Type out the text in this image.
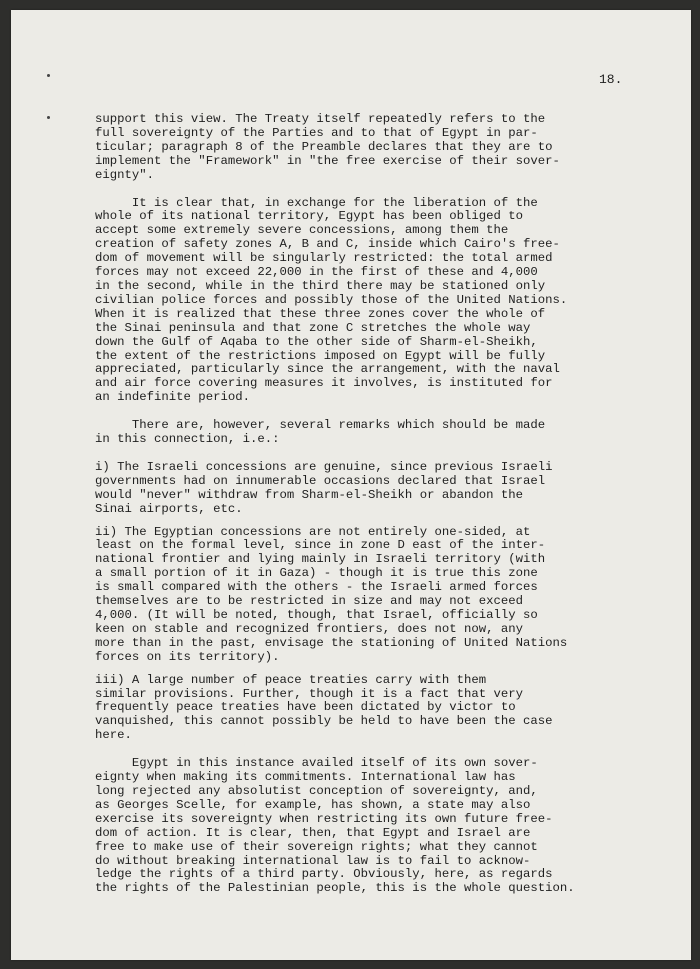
18.

support this view. The Treaty itself repeatedly refers to the

full sovereignty of the Parties and to that of Egypt in par-

ticular; paragraph 8 of the Preamble declares that they are to

implement the "Framework" in "the free exercise of their sover-

eignty".

It is clear that, in exchange for the liberation of the

whole of its national territory, Egypt has been obliged to

accept some extremely severe concessions, among them the

creation of safety zones A, B and C, inside which Cairo's free-

dom of movement will be singularly restricted: the total armed

forces may not exceed 22,000 in the first of these and 4,000

in the second, while in the third there may be stationed only

civilian police forces and possibly those of the United Nations.

When it is realized that these three zones cover the whole of

the Sinai peninsula and that zone C stretches the whole way

down the Gulf of Aqaba to the other side of Sharm-el-Sheikh,

the extent of the restrictions imposed on Egypt will be fully

appreciated, particularly since the arrangement, with the naval

and air force covering measures it involves, is instituted for

an indefinite period.

There are, however, several remarks which should be made

in this connection, i.e.:

i) The Israeli concessions are genuine, since previous Israeli

governments had on innumerable occasions declared that Israel

would "never" withdraw from Sharm-el-Sheikh or abandon the

Sinai airports, etc.

ii) The Egyptian concessions are not entirely one-sided, at

least on the formal level, since in zone D east of the inter-

national frontier and lying mainly in Israeli territory (with

a small portion of it in Gaza) - though it is true this zone

is small compared with the others - the Israeli armed forces

themselves are to be restricted in size and may not exceed

4,000. (It will be noted, though, that Israel, officially so

keen on stable and recognized frontiers, does not now, any

more than in the past, envisage the stationing of United Nations

forces on its territory).

iii) A large number of peace treaties carry with them

similar provisions. Further, though it is a fact that very

frequently peace treaties have been dictated by victor to

vanquished, this cannot possibly be held to have been the case

here.

Egypt in this instance availed itself of its own sover-

eignty when making its commitments. International law has

long rejected any absolutist conception of sovereignty, and,

as Georges Scelle, for example, has shown, a state may also

exercise its sovereignty when restricting its own future free-

dom of action. It is clear, then, that Egypt and Israel are

free to make use of their sovereign rights; what they cannot

do without breaking international law is to fail to acknow-

ledge the rights of a third party. Obviously, here, as regards

the rights of the Palestinian people, this is the whole question.
